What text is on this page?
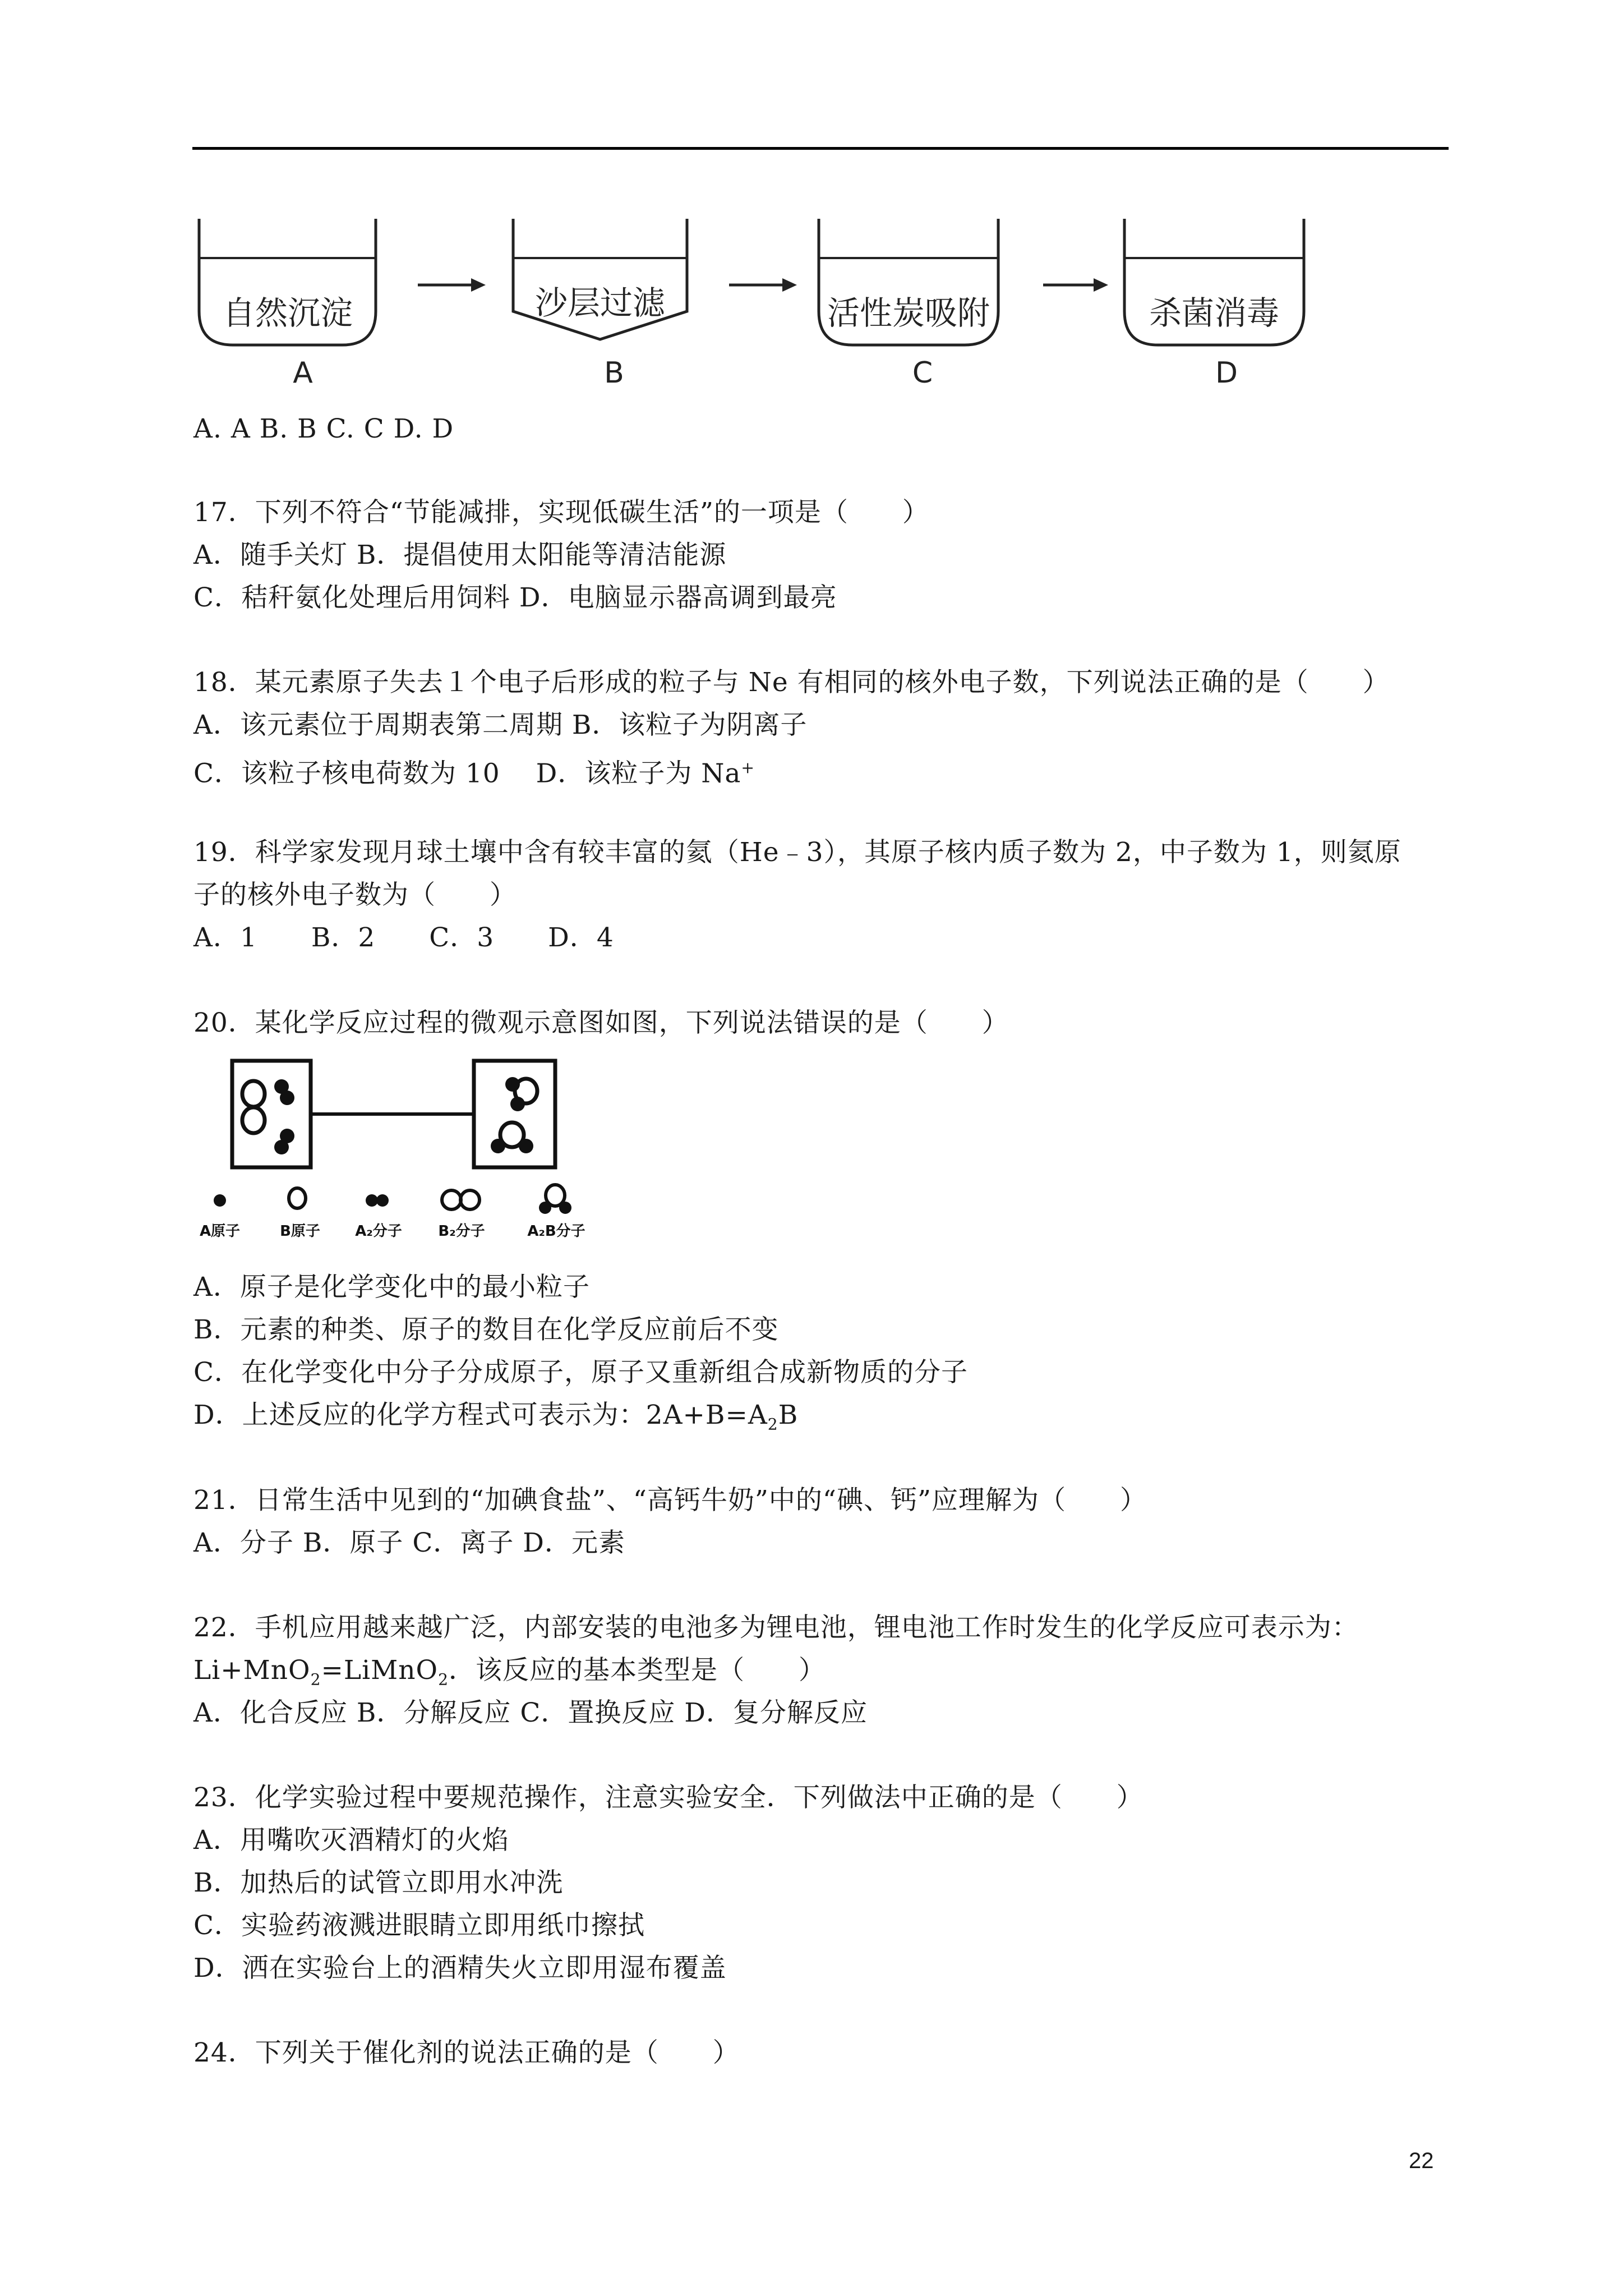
自然沉淀	沙层过滤	活性炭吸附	杀菌消毒
A	B	C	D
A. A B. B C. C D. D
17．下列不符合“节能减排，实现低碳生活”的一项是（　　）
A．随手关灯 B．提倡使用太阳能等清洁能源
C．秸秆氨化处理后用饲料 D．电脑显示器高调到最亮
18．某元素原子失去１个电子后形成的粒子与 Ne 有相同的核外电子数，下列说法正确的是（　　）
A．该元素位于周期表第二周期 B．该粒子为阴离子
C．该粒子核电荷数为 10　 D．该粒子为 Na+
19．科学家发现月球土壤中含有较丰富的氦（He﹣3），其原子核内质子数为 2，中子数为 1，则氦原
子的核外电子数为（　　）
A．1　　B．2　　C．3　　D．4
20．某化学反应过程的微观示意图如图，下列说法错误的是（　　）
A原子	B原子 A₂分子 B₂分子	A₂B分子
A．原子是化学变化中的最小粒子
B．元素的种类、原子的数目在化学反应前后不变
C．在化学变化中分子分成原子，原子又重新组合成新物质的分子
D．上述反应的化学方程式可表示为：$2A+B=A_2B$
21．日常生活中见到的“加碘食盐”、“高钙牛奶”中的“碘、钙”应理解为（　　）
A．分子 B．原子 C．离子 D．元素
22．手机应用越来越广泛，内部安装的电池多为锂电池，锂电池工作时发生的化学反应可表示为：
Li+MnO$_2$=LiMnO$_2$．该反应的基本类型是（　　）
A．化合反应 B．分解反应 C．置换反应 D．复分解反应
23．化学实验过程中要规范操作，注意实验安全．下列做法中正确的是（　　）
A．用嘴吹灭酒精灯的火焰
B．加热后的试管立即用水冲洗
C．实验药液溅进眼睛立即用纸巾擦拭
D．洒在实验台上的酒精失火立即用湿布覆盖
24．下列关于催化剂的说法正确的是（　　）
22
